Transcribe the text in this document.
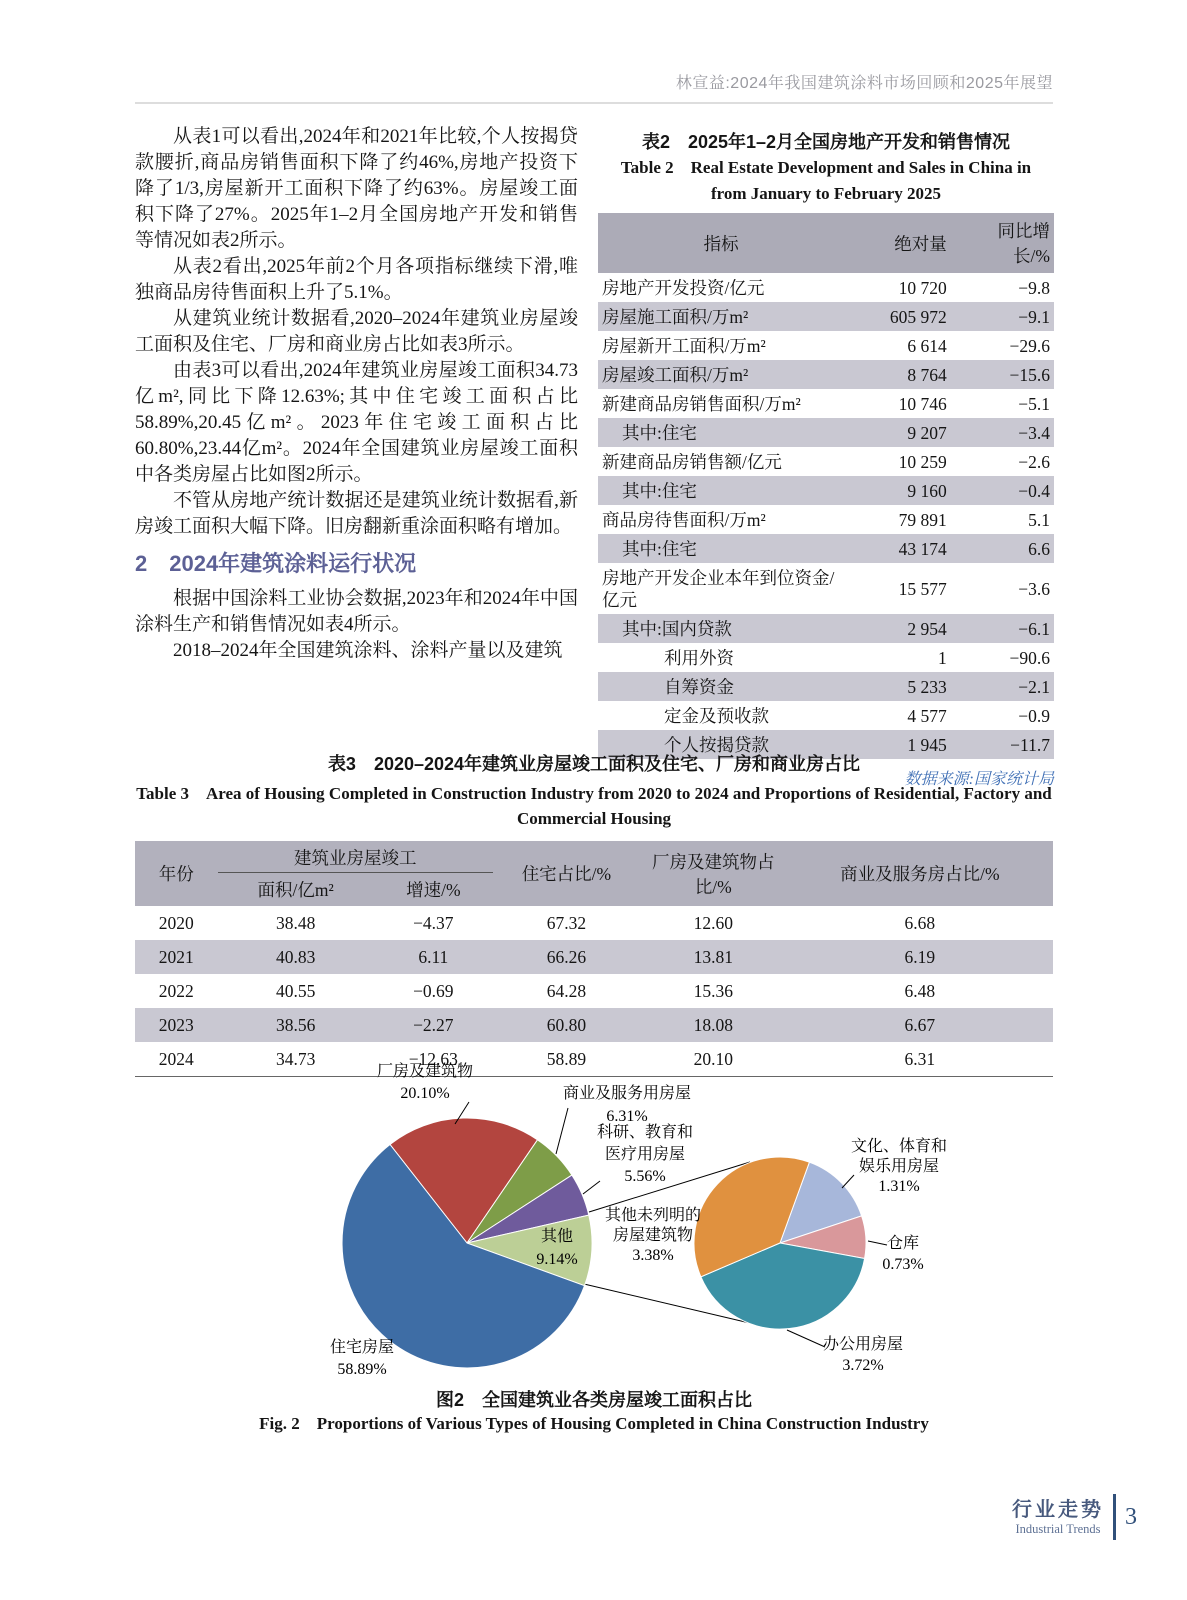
林宣益:2024年我国建筑涂料市场回顾和2025年展望

从表1可以看出,2024年和2021年比较,个人按揭贷款腰折,商品房销售面积下降了约46%,房地产投资下降了1/3,房屋新开工面积下降了约63%。房屋竣工面积下降了27%。2025年1–2月全国房地产开发和销售等情况如表2所示。

从表2看出,2025年前2个月各项指标继续下滑,唯独商品房待售面积上升了5.1%。

从建筑业统计数据看,2020–2024年建筑业房屋竣工面积及住宅、厂房和商业房占比如表3所示。

由表3可以看出,2024年建筑业房屋竣工面积34.73亿m²,同比下降12.63%;其中住宅竣工面积占比58.89%,20.45亿m²。2023年住宅竣工面积占比60.80%,23.44亿m²。2024年全国建筑业房屋竣工面积中各类房屋占比如图2所示。

不管从房地产统计数据还是建筑业统计数据看,新房竣工面积大幅下降。旧房翻新重涂面积略有增加。

2 2024年建筑涂料运行状况

根据中国涂料工业协会数据,2023年和2024年中国涂料生产和销售情况如表4所示。

2018–2024年全国建筑涂料、涂料产量以及建筑

表2 2025年1–2月全国房地产开发和销售情况
Table 2 Real Estate Development and Sales in China in
from January to February 2025
指标	绝对量	同比增长/%
房地产开发投资/亿元	10 720	−9.8
房屋施工面积/万m²	605 972	−9.1
房屋新开工面积/万m²	6 614	−29.6
房屋竣工面积/万m²	8 764	−15.6
新建商品房销售面积/万m²	10 746	−5.1
其中:住宅	9 207	−3.4
新建商品房销售额/亿元	10 259	−2.6
其中:住宅	9 160	−0.4
商品房待售面积/万m²	79 891	5.1
其中:住宅	43 174	6.6
房地产开发企业本年到位资金/亿元	15 577	−3.6
其中:国内贷款	2 954	−6.1
利用外资	1	−90.6
自筹资金	5 233	−2.1
定金及预收款	4 577	−0.9
个人按揭贷款	1 945	−11.7
数据来源:国家统计局
表3 2020–2024年建筑业房屋竣工面积及住宅、厂房和商业房占比
Table 3 Area of Housing Completed in Construction Industry from 2020 to 2024 and Proportions of Residential, Factory and
Commercial Housing
年份	建筑业房屋竣工		住宅占比/%	厂房及建筑物占比/%	商业及服务房占比/%
	面积/亿m²	增速/%			
2020	38.48	−4.37	67.32	12.60	6.68
2021	40.83	6.11	66.26	13.81	6.19
2022	40.55	−0.69	64.28	15.36	6.48
2023	38.56	−2.27	60.80	18.08	6.67
2024	34.73	−12.63	58.89	20.10	6.31
厂房及建筑物
20.10%	商业及服务用房屋
6.31%
科研、教育和
医疗用房屋
5.56%
其他
9.14%
住宅房屋
58.89%
其他未列明的
房屋建筑物
3.38%
文化、体育和
娱乐用房屋
1.31%
仓库
0.73%
办公用房屋
3.72%
图2 全国建筑业各类房屋竣工面积占比
Fig. 2 Proportions of Various Types of Housing Completed in China Construction Industry
行业走势
Industrial Trends 3
